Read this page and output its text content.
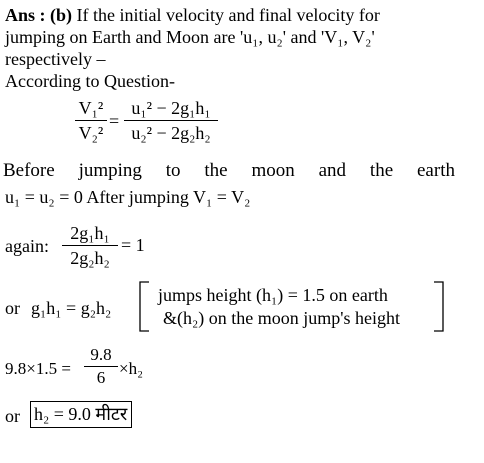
Ans : (b) If the initial velocity and final velocity for
jumping on Earth and Moon are 'u₁, u₂' and 'V₁, V₂'
respectively –
According to Question-
V₁²
V₂²
=
u₁² − 2g₁h₁
u₂² − 2g₂h₂
Before jumping to the moon and the earth
u₁ = u₂ = 0 After jumping V₁ = V₂
again:
2g₁h₁
2g₂h₂
= 1
or g₁h₁ = g₂h₂
jumps height (h₁) = 1.5 on earth
&(h₂) on the moon jump's height
9.8×1.5 =
9.8
6 ×h₂
or h₂ = 9.0 मीटर
